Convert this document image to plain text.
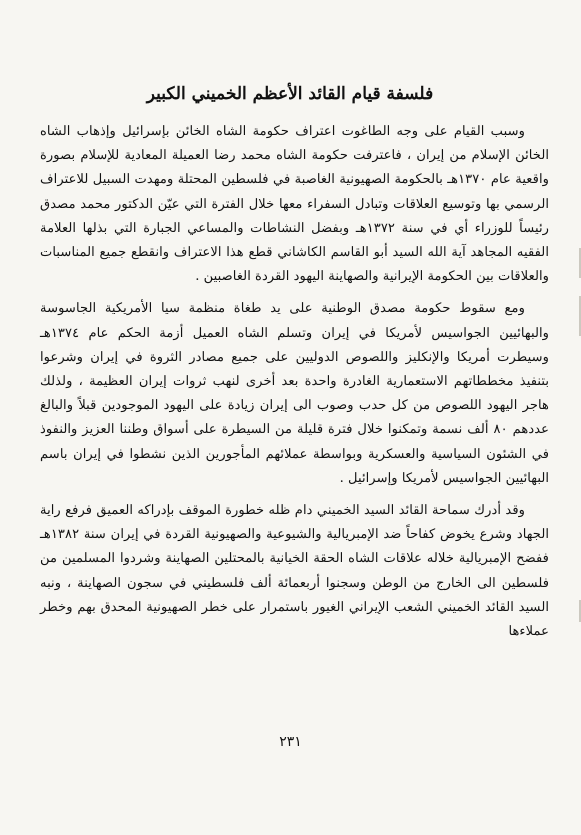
فلسفة قيام القائد الأعظم الخميني الكبير

وسبب القيام على وجه الطاغوت اعتراف حكومة الشاه الخائن بإسرائيل وإذهاب الشاه الخائن الإسلام من إيران ، فاعترفت حكومة الشاه محمد رضا العميلة المعادية للإسلام بصورة واقعية عام ١٣٧٠هـ بالحكومة الصهيونية الغاصبة في فلسطين المحتلة ومهدت السبيل للاعتراف الرسمي بها وتوسيع العلاقات وتبادل السفراء معها خلال الفترة التي عيّن الدكتور محمد مصدق رئيساً للوزراء أي في سنة ١٣٧٢هـ وبفضل النشاطات والمساعي الجبارة التي بذلها العلامة الفقيه المجاهد آية الله السيد أبو القاسم الكاشاني قطع هذا الاعتراف وانقطع جميع المناسبات والعلاقات بين الحكومة الإيرانية والصهاينة اليهود القردة الغاصبين .

ومع سقوط حكومة مصدق الوطنية على يد طغاة منظمة سيا الأمريكية الجاسوسة والبهائيين الجواسيس لأمريكا في إيران وتسلم الشاه العميل أزمة الحكم عام ١٣٧٤هـ وسيطرت أمريكا والإنكليز واللصوص الدوليين على جميع مصادر الثروة في إيران وشرعوا بتنفيذ مخططاتهم الاستعمارية الغادرة واحدة بعد أخرى لنهب ثروات إيران العظيمة ، ولذلك هاجر اليهود اللصوص من كل حدب وصوب الى إيران زيادة على اليهود الموجودين قبلاً والبالغ عددهم ٨٠ ألف نسمة وتمكنوا خلال فترة قليلة من السيطرة على أسواق وطننا العزيز والنفوذ في الشئون السياسية والعسكرية وبواسطة عملائهم المأجورين الذين نشطوا في إيران باسم البهائيين الجواسيس لأمريكا وإسرائيل .

وقد أدرك سماحة القائد السيد الخميني دام ظله خطورة الموقف بإدراكه العميق فرفع راية الجهاد وشرع يخوض كفاحاً ضد الإمبريالية والشيوعية والصهيونية القردة في إيران سنة ١٣٨٢هـ ففضح الإمبريالية خلاله علاقات الشاه الحقة الخيانية بالمحتلين الصهاينة وشردوا المسلمين من فلسطين الى الخارج من الوطن وسجنوا أربعمائة ألف فلسطيني في سجون الصهاينة ، ونبه السيد القائد الخميني الشعب الإيراني الغيور باستمرار على خطر الصهيونية المحدق بهم وخطر عملاءها

٢٣١
